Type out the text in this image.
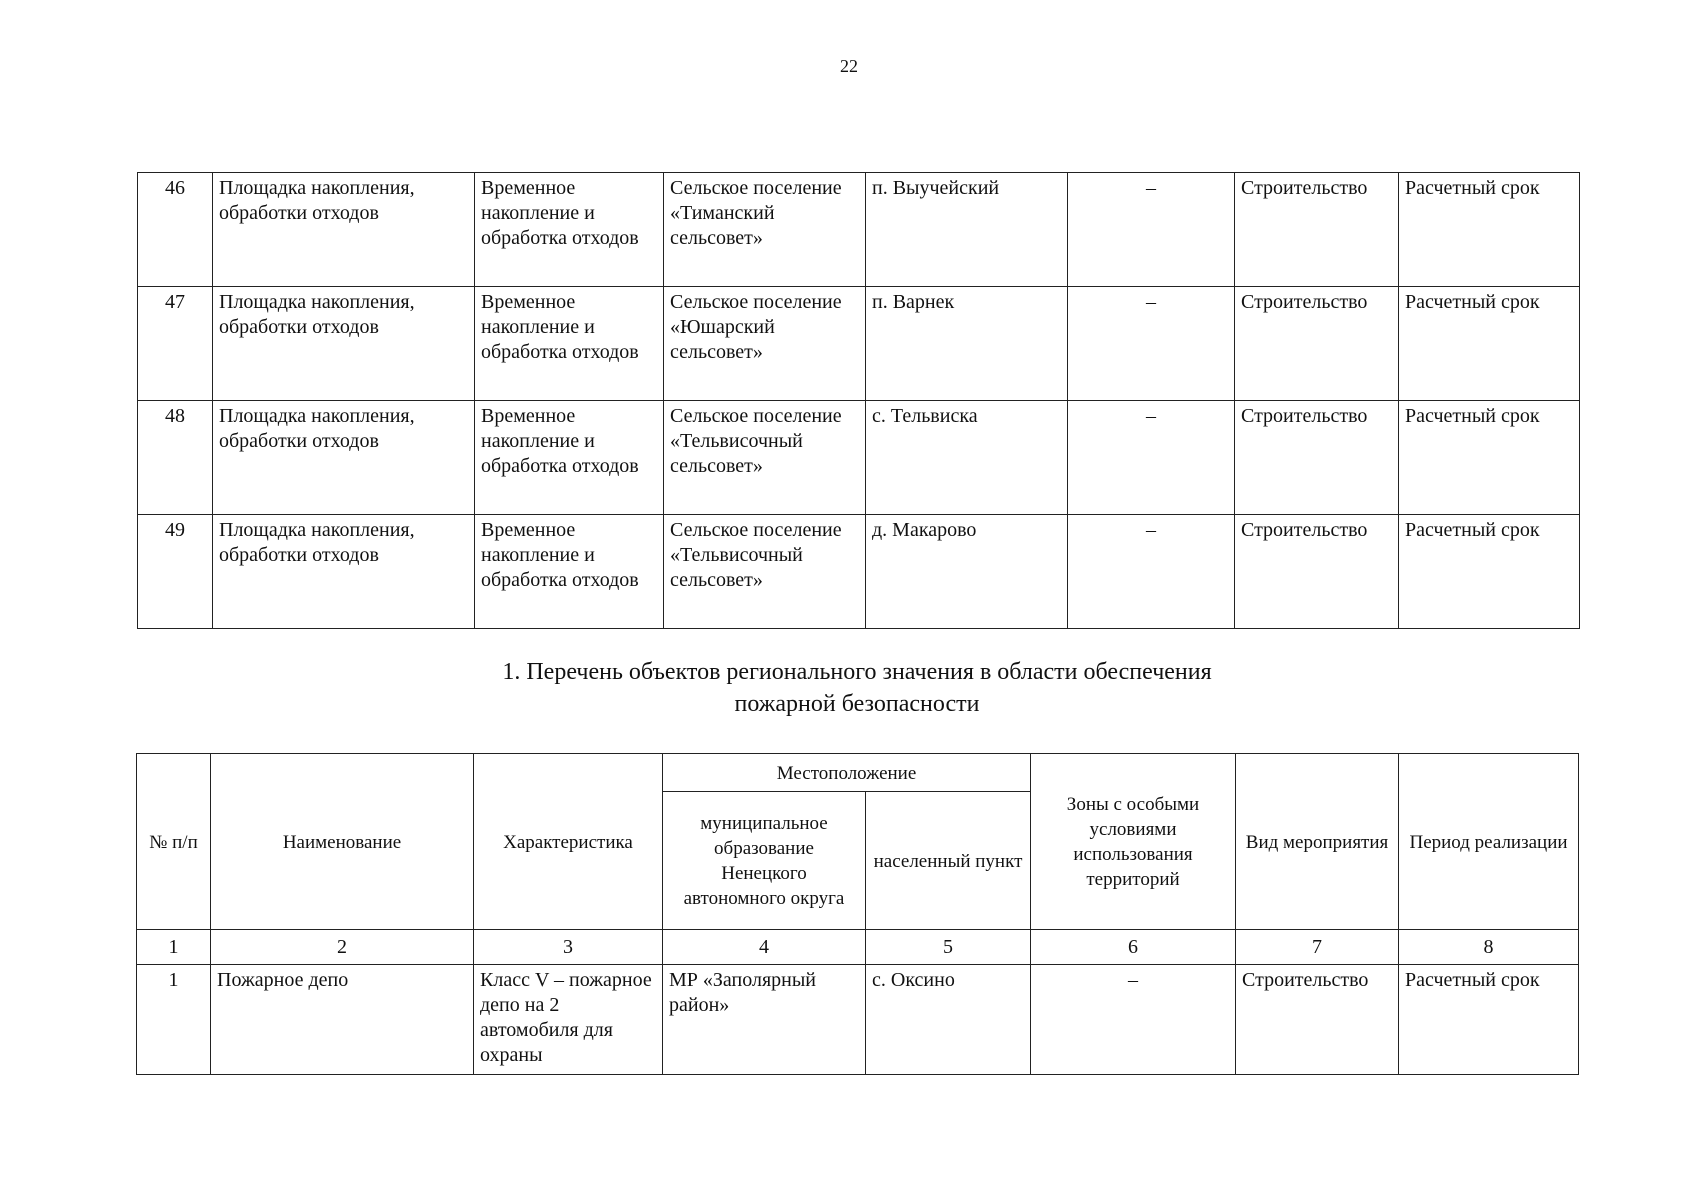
22
46	Площадка накопления, обработки отходов	Временное накопление и обработка отходов	Сельское поселение «Тиманский сельсовет»	п. Выучейский	–	Строительство	Расчетный срок
47	Площадка накопления, обработки отходов	Временное накопление и обработка отходов	Сельское поселение «Юшарский сельсовет»	п. Варнек	–	Строительство	Расчетный срок
48	Площадка накопления, обработки отходов	Временное накопление и обработка отходов	Сельское поселение «Тельвисочный сельсовет»	с. Тельвиска	–	Строительство	Расчетный срок
49	Площадка накопления, обработки отходов	Временное накопление и обработка отходов	Сельское поселение «Тельвисочный сельсовет»	д. Макарово	–	Строительство	Расчетный срок
1. Перечень объектов регионального значения в области обеспечения
пожарной безопасности
№ п/п	Наименование	Характеристика	Местоположение		Зоны с особыми условиями использования территорий	Вид мероприятия	Период реализации
			муниципальное образование Ненецкого автономного округа	населенный пункт			
1	2	3	4	5	6	7	8
1	Пожарное депо	Класс V – пожарное депо на 2 автомобиля для охраны	МР «Заполярный район»	с. Оксино	–	Строительство	Расчетный срок
